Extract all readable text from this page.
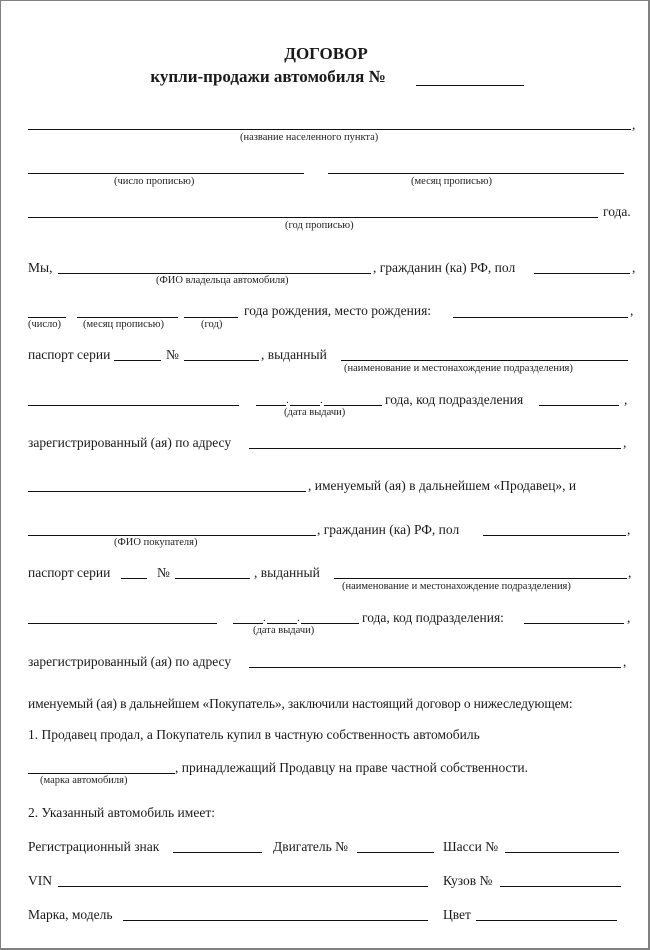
ДОГОВОР
купли-продажи автомобиля №
,
(название населенного пункта)
(число прописью)	(месяц прописью)
года.
(год прописью)
Мы,
(ФИО владельца автомобиля)
, гражданин (ка) РФ, пол	,
(число) (месяц прописью)	(год)
года рождения, место рождения:	,
паспорт серии	№	, выданный
(наименование и местонахождение подразделения)
.	.
(дата выдачи)
года, код подразделения	,
зарегистрированный (ая) по адресу	,
, именуемый (ая) в дальнейшем «Продавец», и
(ФИО покупателя)
, гражданин (ка) РФ, пол	,
паспорт серии	№	, выданный	,
(наименование и местонахождение подразделения)
.	.
(дата выдачи)
года, код подразделения:	,
зарегистрированный (ая) по адресу	,
именуемый (ая) в дальнейшем «Покупатель», заключили настоящий договор о нижеследующем:
1. Продавец продал, а Покупатель купил в частную собственность автомобиль
(марка автомобиля)
, принадлежащий Продавцу на праве частной собственности.
2. Указанный автомобиль имеет:
Регистрационный знак	Двигатель №	Шасси №
VIN	Кузов №
Марка, модель	Цвет
